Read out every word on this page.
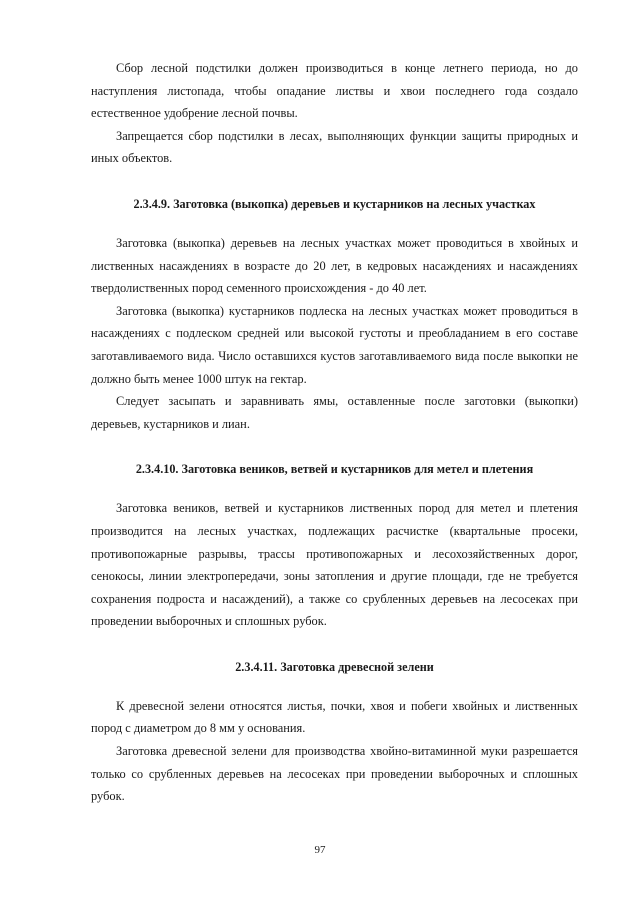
Сбор лесной подстилки должен производиться в конце летнего периода, но до наступления листопада, чтобы опадание листвы и хвои последнего года создало естественное удобрение лесной почвы.

Запрещается сбор подстилки в лесах, выполняющих функции защиты природных и иных объектов.

2.3.4.9. Заготовка (выкопка) деревьев и кустарников на лесных участках

Заготовка (выкопка) деревьев на лесных участках может проводиться в хвойных и лиственных насаждениях в возрасте до 20 лет, в кедровых насаждениях и насаждениях твердолиственных пород семенного происхождения - до 40 лет.

Заготовка (выкопка) кустарников подлеска на лесных участках может проводиться в насаждениях с подлеском средней или высокой густоты и преобладанием в его составе заготавливаемого вида. Число оставшихся кустов заготавливаемого вида после выкопки не должно быть менее 1000 штук на гектар.

Следует засыпать и заравнивать ямы, оставленные после заготовки (выкопки) деревьев, кустарников и лиан.

2.3.4.10. Заготовка веников, ветвей и кустарников для метел и плетения

Заготовка веников, ветвей и кустарников лиственных пород для метел и плетения производится на лесных участках, подлежащих расчистке (квартальные просеки, противопожарные разрывы, трассы противопожарных и лесохозяйственных дорог, сенокосы, линии электропередачи, зоны затопления и другие площади, где не требуется сохранения подроста и насаждений), а также со срубленных деревьев на лесосеках при проведении выборочных и сплошных рубок.

2.3.4.11. Заготовка древесной зелени

К древесной зелени относятся листья, почки, хвоя и побеги хвойных и лиственных пород с диаметром до 8 мм у основания.

Заготовка древесной зелени для производства хвойно-витаминной муки разрешается только со срубленных деревьев на лесосеках при проведении выборочных и сплошных рубок.

97
